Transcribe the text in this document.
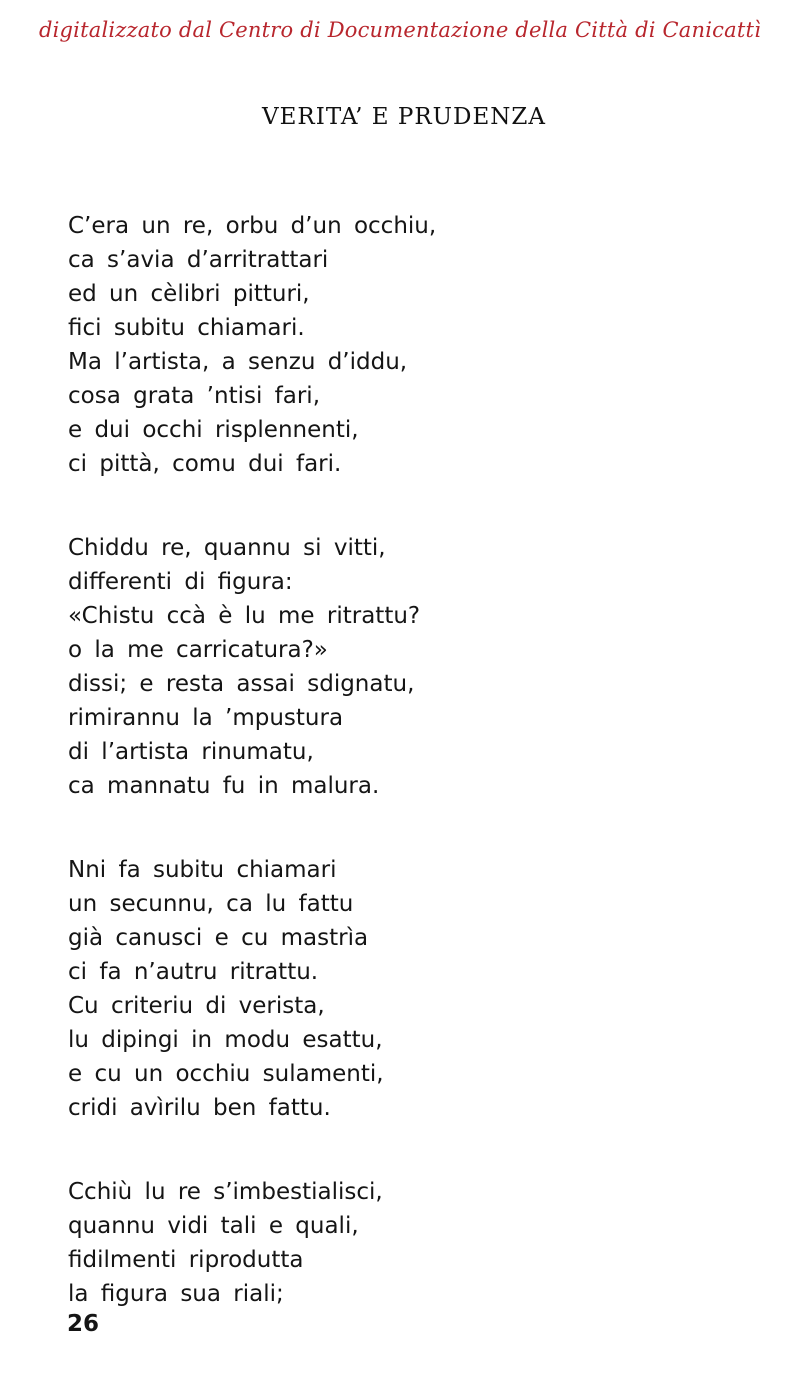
digitalizzato dal Centro di Documentazione della Città di Canicattì
VERITA’ E PRUDENZA
C’era un re, orbu d’un occhiu,
ca s’avia d’arritrattari
ed un cèlibri pitturi,
fici subitu chiamari.
Ma l’artista, a senzu d’iddu,
cosa grata ’ntisi fari,
e dui occhi risplennenti,
ci pittà, comu dui fari.
Chiddu re, quannu si vitti,
differenti di figura:
«Chistu ccà è lu me ritrattu?
o la me carricatura?»
dissi; e resta assai sdignatu,
rimirannu la ’mpustura
di l’artista rinumatu,
ca mannatu fu in malura.
Nni fa subitu chiamari
un secunnu, ca lu fattu
già canusci e cu mastrìa
ci fa n’autru ritrattu.
Cu criteriu di verista,
lu dipingi in modu esattu,
e cu un occhiu sulamenti,
cridi avìrilu ben fattu.
Cchiù lu re s’imbestialisci,
quannu vidi tali e quali,
fidilmenti riprodutta
la figura sua riali;
26
